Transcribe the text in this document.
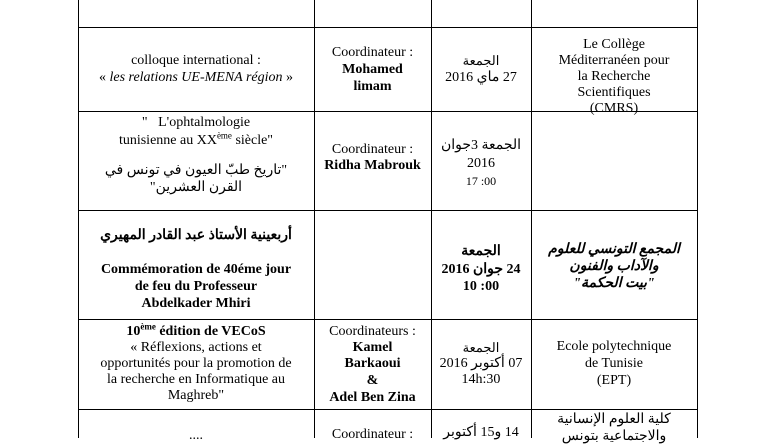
colloque international :
« les relations UE-MENA région »
Coordinateur :
Mohamed
limam
الجمعة
27 ماي 2016
Le Collège
Méditerranéen pour
la Recherche
Scientifiques
(CMRS)
" L'ophtalmologie
tunisienne au XXème siècle"
"تاريخ طبّ العيون في تونس في
القرن العشرين"
Coordinateur :
Ridha Mabrouk
الجمعة 3جوان
2016
17 :00
أربعينية الأستاذ عبد القادر المهيري
Commémoration de 40éme jour
de feu du Professeur
Abdelkader Mhiri
الجمعة
24 جوان 2016
10 :00
المجمع التونسي للعلوم
والآداب والفنون
"بيت الحكمة"
10ème édition de VECoS
« Réflexions, actions et
opportunités pour la promotion de
la recherche en Informatique au
Maghreb"
Coordinateurs :
Kamel
Barkaoui
&
Adel Ben Zina
الجمعة
07 أكتوبر 2016
14h:30
Ecole polytechnique
de Tunisie
(EPT)
....	Coordinateur :	14 و15 أكتوبر
كلية العلوم الإنسانية
والاجتماعية بتونس
